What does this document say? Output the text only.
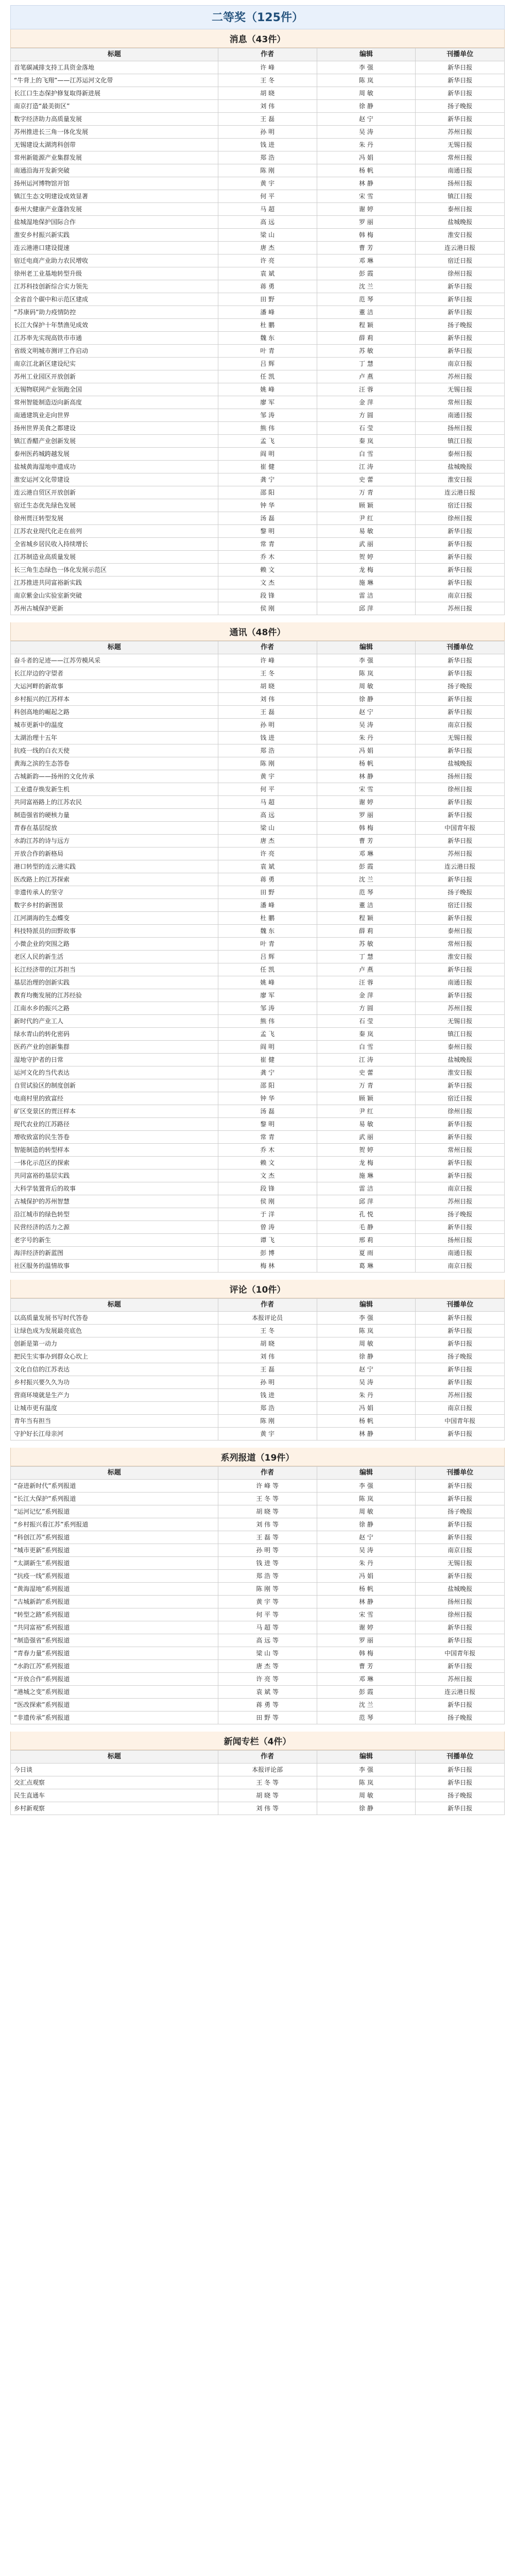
二等奖（125件）
消息（43件）
标题	作者	编辑	刊播单位
首笔碳减排支持工具资金落地	许 峰	李 强	新华日报
“牛背上的飞翔”——江苏运河文化带	王 冬	陈 岚	新华日报
长江口生态保护修复取得新进展	胡 晓	周 敏	新华日报
南京打造“最美街区”	刘 伟	徐 静	扬子晚报
数字经济助力高质量发展	王 磊	赵 宁	新华日报
苏州推进长三角一体化发展	孙 明	吴 涛	苏州日报
无锡建设太湖湾科创带	钱 进	朱 丹	无锡日报
常州新能源产业集群发展	郑 浩	冯 娟	常州日报
南通沿海开发新突破	陈 刚	杨 帆	南通日报
扬州运河博物馆开馆	黄 宇	林 静	扬州日报
镇江生态文明建设成效显著	何 平	宋 雪	镇江日报
泰州大健康产业蓬勃发展	马 超	谢 婷	泰州日报
盐城湿地保护国际合作	高 远	罗 丽	盐城晚报
淮安乡村振兴新实践	梁 山	韩 梅	淮安日报
连云港港口建设提速	唐 杰	曹 芳	连云港日报
宿迁电商产业助力农民增收	许 亮	邓 琳	宿迁日报
徐州老工业基地转型升级	袁 斌	彭 霞	徐州日报
江苏科技创新综合实力领先	蒋 勇	沈 兰	新华日报
全省首个碳中和示范区建成	田 野	范 琴	新华日报
“苏康码”助力疫情防控	潘 峰	董 洁	新华日报
长江大保护十年禁渔见成效	杜 鹏	程 颖	扬子晚报
江苏率先实现高铁市市通	魏 东	薛 莉	新华日报
省级文明城市测评工作启动	叶 青	苏 敏	新华日报
南京江北新区建设纪实	吕 辉	丁 慧	南京日报
苏州工业园区开放创新	任 凯	卢 燕	苏州日报
无锡物联网产业领跑全国	姚 峰	汪 蓉	无锡日报
常州智能制造迈向新高度	廖 军	金 萍	常州日报
南通建筑业走向世界	邹 涛	方 圆	南通日报
扬州世界美食之都建设	熊 伟	石 莹	扬州日报
镇江香醋产业创新发展	孟 飞	秦 岚	镇江日报
泰州医药城跨越发展	阎 明	白 雪	泰州日报
盐城黄海湿地申遗成功	崔 健	江 涛	盐城晚报
淮安运河文化带建设	龚 宁	史 蕾	淮安日报
连云港自贸区开放创新	邵 阳	万 青	连云港日报
宿迁生态优先绿色发展	钟 华	顾 颖	宿迁日报
徐州贾汪转型发展	汤 磊	尹 红	徐州日报
江苏农业现代化走在前列	黎 明	易 敏	新华日报
全省城乡居民收入持续增长	常 青	武 丽	新华日报
江苏制造业高质量发展	乔 木	贺 婷	新华日报
长三角生态绿色一体化发展示范区	赖 文	龙 梅	新华日报
江苏推进共同富裕新实践	文 杰	施 琳	新华日报
南京紫金山实验室新突破	段 锋	雷 洁	南京日报
苏州古城保护更新	侯 刚	邱 萍	苏州日报
通讯（48件）
标题	作者	编辑	刊播单位
奋斗者的足迹——江苏劳模风采	许 峰	李 强	新华日报
长江岸边的守望者	王 冬	陈 岚	新华日报
大运河畔的新故事	胡 晓	周 敏	扬子晚报
乡村振兴的江苏样本	刘 伟	徐 静	新华日报
科创高地的崛起之路	王 磊	赵 宁	新华日报
城市更新中的温度	孙 明	吴 涛	南京日报
太湖治理十五年	钱 进	朱 丹	无锡日报
抗疫一线的白衣天使	郑 浩	冯 娟	新华日报
黄海之滨的生态答卷	陈 刚	杨 帆	盐城晚报
古城新韵——扬州的文化传承	黄 宇	林 静	扬州日报
工业遗存焕发新生机	何 平	宋 雪	徐州日报
共同富裕路上的江苏农民	马 超	谢 婷	新华日报
制造强省的硬核力量	高 远	罗 丽	新华日报
青春在基层绽放	梁 山	韩 梅	中国青年报
水韵江苏的诗与远方	唐 杰	曹 芳	新华日报
开放合作的新格局	许 亮	邓 琳	苏州日报
港口转型的连云港实践	袁 斌	彭 霞	连云港日报
医改路上的江苏探索	蒋 勇	沈 兰	新华日报
非遗传承人的坚守	田 野	范 琴	扬子晚报
数字乡村的新图景	潘 峰	董 洁	宿迁日报
江河湖海的生态蝶变	杜 鹏	程 颖	新华日报
科技特派员的田野故事	魏 东	薛 莉	泰州日报
小微企业的突围之路	叶 青	苏 敏	常州日报
老区人民的新生活	吕 辉	丁 慧	淮安日报
长江经济带的江苏担当	任 凯	卢 燕	新华日报
基层治理的创新实践	姚 峰	汪 蓉	南通日报
教育均衡发展的江苏经验	廖 军	金 萍	新华日报
江南水乡的振兴之路	邹 涛	方 圆	苏州日报
新时代的产业工人	熊 伟	石 莹	无锡日报
绿水青山的转化密码	孟 飞	秦 岚	镇江日报
医药产业的创新集群	阎 明	白 雪	泰州日报
湿地守护者的日常	崔 健	江 涛	盐城晚报
运河文化的当代表达	龚 宁	史 蕾	淮安日报
自贸试验区的制度创新	邵 阳	万 青	新华日报
电商村里的致富经	钟 华	顾 颖	宿迁日报
矿区变景区的贾汪样本	汤 磊	尹 红	徐州日报
现代农业的江苏路径	黎 明	易 敏	新华日报
增收致富的民生答卷	常 青	武 丽	新华日报
智能制造的转型样本	乔 木	贺 婷	常州日报
一体化示范区的探索	赖 文	龙 梅	新华日报
共同富裕的基层实践	文 杰	施 琳	新华日报
大科学装置背后的故事	段 锋	雷 洁	南京日报
古城保护的苏州智慧	侯 刚	邱 萍	苏州日报
沿江城市的绿色转型	于 洋	孔 悦	扬子晚报
民营经济的活力之源	曾 涛	毛 静	新华日报
老字号的新生	谭 飞	邢 莉	扬州日报
海洋经济的新蓝图	彭 博	夏 雨	南通日报
社区服务的温情故事	梅 林	葛 琳	南京日报
评论（10件）
标题	作者	编辑	刊播单位
以高质量发展书写时代答卷	本报评论员	李 强	新华日报
让绿色成为发展最亮底色	王 冬	陈 岚	新华日报
创新是第一动力	胡 晓	周 敏	新华日报
把民生实事办到群众心坎上	刘 伟	徐 静	扬子晚报
文化自信的江苏表达	王 磊	赵 宁	新华日报
乡村振兴要久久为功	孙 明	吴 涛	新华日报
营商环境就是生产力	钱 进	朱 丹	苏州日报
让城市更有温度	郑 浩	冯 娟	南京日报
青年当有担当	陈 刚	杨 帆	中国青年报
守护好长江母亲河	黄 宇	林 静	新华日报
系列报道（19件）
标题	作者	编辑	刊播单位
“奋进新时代”系列报道	许 峰 等	李 强	新华日报
“长江大保护”系列报道	王 冬 等	陈 岚	新华日报
“运河记忆”系列报道	胡 晓 等	周 敏	扬子晚报
“乡村振兴看江苏”系列报道	刘 伟 等	徐 静	新华日报
“科创江苏”系列报道	王 磊 等	赵 宁	新华日报
“城市更新”系列报道	孙 明 等	吴 涛	南京日报
“太湖新生”系列报道	钱 进 等	朱 丹	无锡日报
“抗疫一线”系列报道	郑 浩 等	冯 娟	新华日报
“黄海湿地”系列报道	陈 刚 等	杨 帆	盐城晚报
“古城新韵”系列报道	黄 宇 等	林 静	扬州日报
“转型之路”系列报道	何 平 等	宋 雪	徐州日报
“共同富裕”系列报道	马 超 等	谢 婷	新华日报
“制造强省”系列报道	高 远 等	罗 丽	新华日报
“青春力量”系列报道	梁 山 等	韩 梅	中国青年报
“水韵江苏”系列报道	唐 杰 等	曹 芳	新华日报
“开放合作”系列报道	许 亮 等	邓 琳	苏州日报
“港城之变”系列报道	袁 斌 等	彭 霞	连云港日报
“医改探索”系列报道	蒋 勇 等	沈 兰	新华日报
“非遗传承”系列报道	田 野 等	范 琴	扬子晚报
新闻专栏（4件）
标题	作者	编辑	刊播单位
今日谈	本报评论部	李 强	新华日报
交汇点观察	王 冬 等	陈 岚	新华日报
民生直通车	胡 晓 等	周 敏	扬子晚报
乡村新观察	刘 伟 等	徐 静	新华日报
